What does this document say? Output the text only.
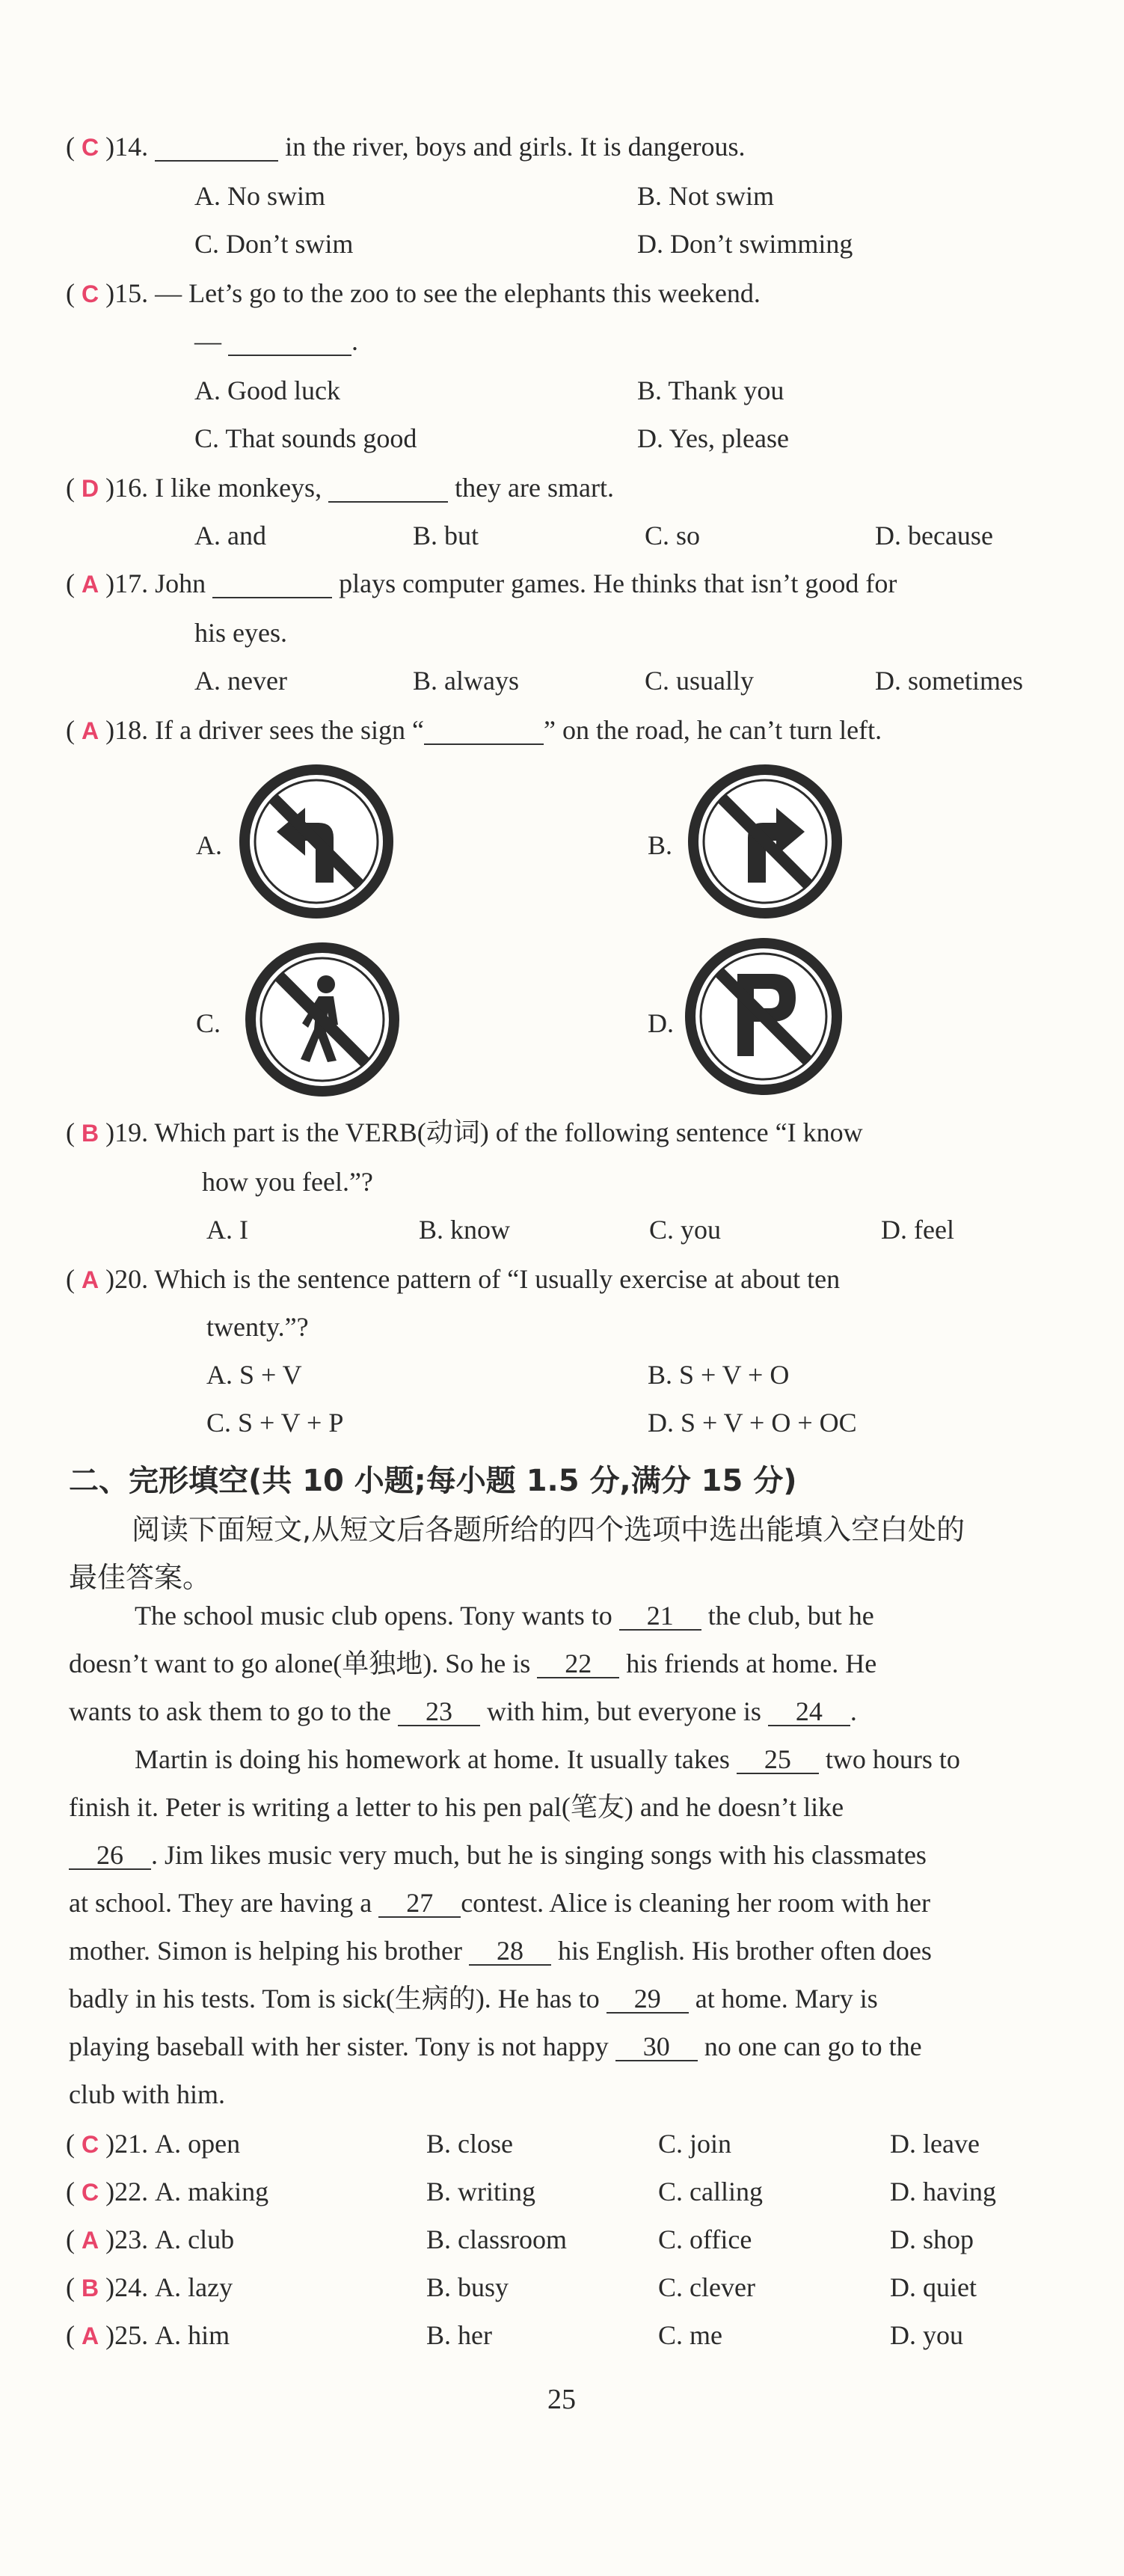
( C )14.	in the river, boys and girls. It is dangerous.
A. No swim	B. Not swim
C. Don’t swim	D. Don’t swimming
( C )15. — Let’s go to the zoo to see the elephants this weekend.
—	.
A. Good luck	B. Thank you
C. That sounds good	D. Yes, please
( D )16. I like monkeys,	they are smart.
A. and	B. but	C. so	D. because
( A )17. John	plays computer games. He thinks that isn’t good for
his eyes.
A. never	B. always	C. usually	D. sometimes
( A )18. If a driver sees the sign “	” on the road, he can’t turn left.
A.	B.
C.	D.
( B )19. Which part is the VERB(动词) of the following sentence “I know
how you feel.”?
A. I	B. know	C. you	D. feel
( A )20. Which is the sentence pattern of “I usually exercise at about ten
twenty.”?
A. S + V	B. S + V + O
C. S + V + P	D. S + V + O + OC
二、完形填空(共 10 小题;每小题 1.5 分,满分 15 分)
阅读下面短文,从短文后各题所给的四个选项中选出能填入空白处的
最佳答案。
The school music club opens. Tony wants to 21 the club, but he
doesn’t want to go alone(单独地). So he is 22 his friends at home. He
wants to ask them to go to the 23 with him, but everyone is 24 .
Martin is doing his homework at home. It usually takes 25 two hours to
finish it. Peter is writing a letter to his pen pal(笔友) and he doesn’t like
26 . Jim likes music very much, but he is singing songs with his classmates
at school. They are having a 27 contest. Alice is cleaning her room with her
mother. Simon is helping his brother 28 his English. His brother often does
badly in his tests. Tom is sick(生病的). He has to 29 at home. Mary is
playing baseball with her sister. Tony is not happy 30 no one can go to the
club with him.
( C )21. A. open	B. close	C. join	D. leave
( C )22. A. making	B. writing	C. calling	D. having
( A )23. A. club	B. classroom	C. office	D. shop
( B )24. A. lazy	B. busy	C. clever	D. quiet
( A )25. A. him	B. her	C. me	D. you
25
